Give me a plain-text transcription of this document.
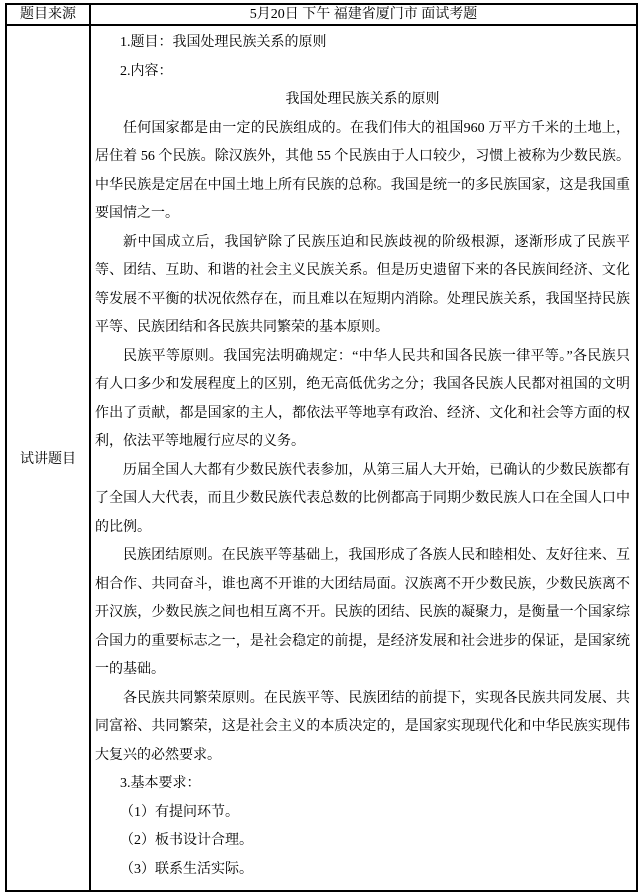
题目来源	5月20日 下午 福建省厦门市 面试考题
试讲题目	
1.题目：我国处理民族关系的原则
2.内容：
我国处理民族关系的原则
任何国家都是由一定的民族组成的。在我们伟大的祖国960 万平方千米的土地上，居住着 56 个民族。除汉族外，其他 55 个民族由于人口较少，习惯上被称为少数民族。中华民族是定居在中国土地上所有民族的总称。我国是统一的多民族国家，这是我国重要国情之一。
新中国成立后，我国铲除了民族压迫和民族歧视的阶级根源，逐渐形成了民族平等、团结、互助、和谐的社会主义民族关系。但是历史遗留下来的各民族间经济、文化等发展不平衡的状况依然存在，而且难以在短期内消除。处理民族关系，我国坚持民族平等、民族团结和各民族共同繁荣的基本原则。
民族平等原则。我国宪法明确规定：“中华人民共和国各民族一律平等。”各民族只有人口多少和发展程度上的区别，绝无高低优劣之分；我国各民族人民都对祖国的文明作出了贡献，都是国家的主人，都依法平等地享有政治、经济、文化和社会等方面的权利，依法平等地履行应尽的义务。
历届全国人大都有少数民族代表参加，从第三届人大开始，已确认的少数民族都有了全国人大代表，而且少数民族代表总数的比例都高于同期少数民族人口在全国人口中的比例。
民族团结原则。在民族平等基础上，我国形成了各族人民和睦相处、友好往来、互相合作、共同奋斗，谁也离不开谁的大团结局面。汉族离不开少数民族，少数民族离不开汉族，少数民族之间也相互离不开。民族的团结、民族的凝聚力，是衡量一个国家综合国力的重要标志之一，是社会稳定的前提，是经济发展和社会进步的保证，是国家统一的基础。
各民族共同繁荣原则。在民族平等、民族团结的前提下，实现各民族共同发展、共同富裕、共同繁荣，这是社会主义的本质决定的，是国家实现现代化和中华民族实现伟大复兴的必然要求。
3.基本要求：
（1）有提问环节。
（2）板书设计合理。
（3）联系生活实际。
